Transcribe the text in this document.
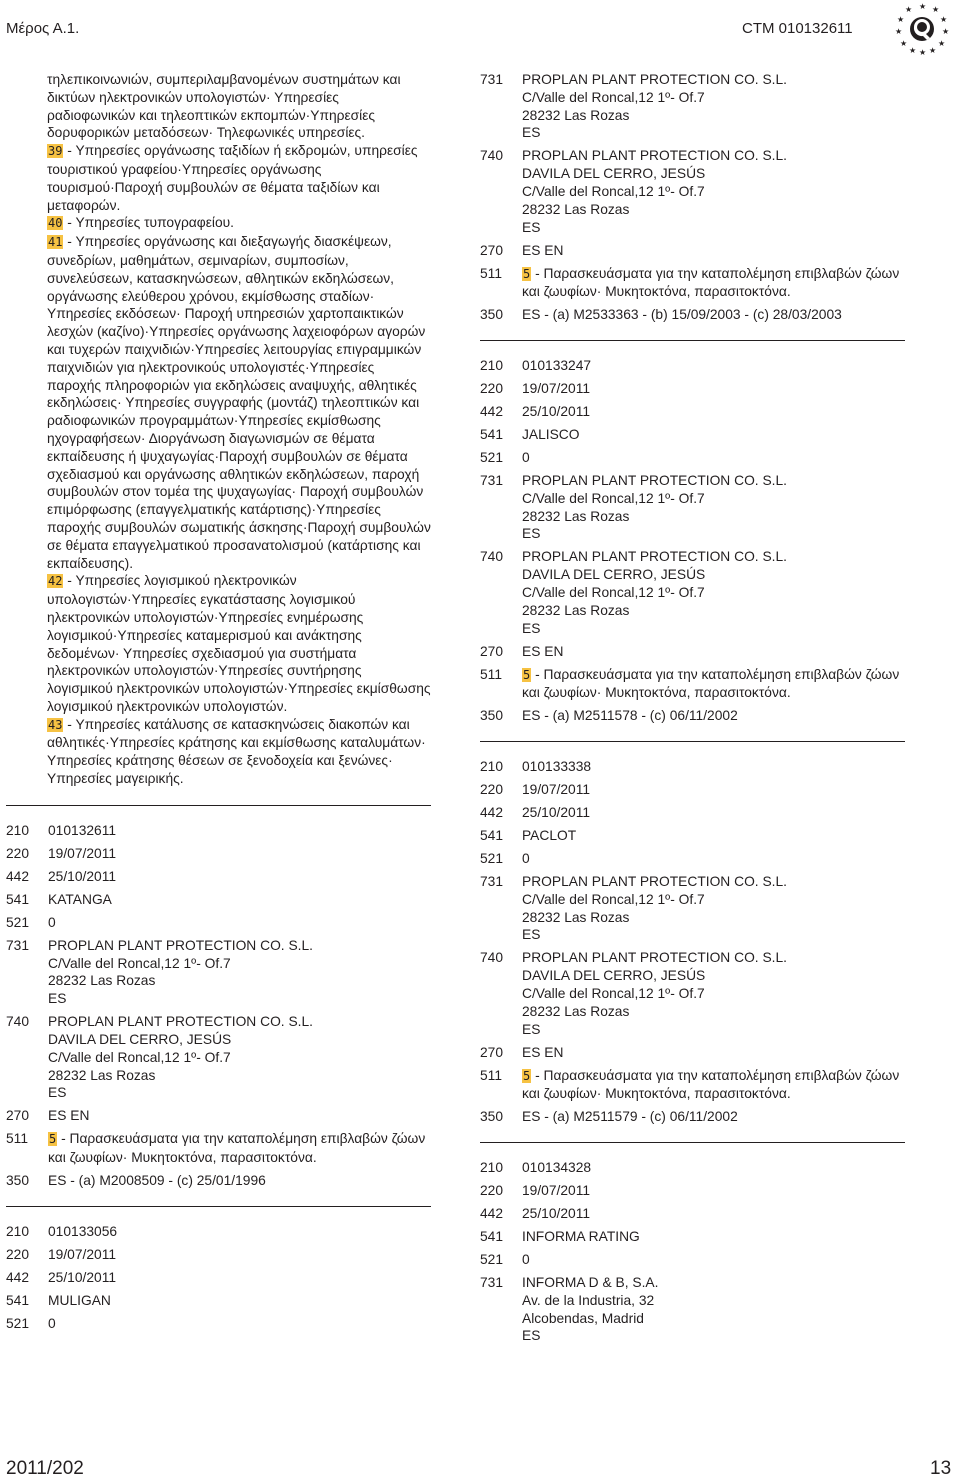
Μέρος Α.1.	CTM 010132611
★ ★
★
★
★
★
★
★
★
★
★
★

τηλεπικοινωνιών, συμπεριλαμβανομένων συστημάτων και δικτύων ηλεκτρονικών υπολογιστών· Υπηρεσίες ραδιοφωνικών και τηλεοπτικών εκπομπών·Υπηρεσίες δορυφορικών μεταδόσεων· Τηλεφωνικές υπηρεσίες.

39 - Υπηρεσίες οργάνωσης ταξιδίων ή εκδρομών, υπηρεσίες τουριστικού γραφείου·Υπηρεσίες οργάνωσης τουρισμού·Παροχή συμβουλών σε θέματα ταξιδίων και μεταφορών.

40 - Υπηρεσίες τυπογραφείου.

41 - Υπηρεσίες οργάνωσης και διεξαγωγής διασκέψεων, συνεδρίων, μαθημάτων, σεμιναρίων, συμποσίων, συνελεύσεων, κατασκηνώσεων, αθλητικών εκδηλώσεων, οργάνωσης ελεύθερου χρόνου, εκμίσθωσης σταδίων· Υπηρεσίες εκδόσεων· Παροχή υπηρεσιών χαρτοπαικτικών λεσχών (καζίνο)·Υπηρεσίες οργάνωσης λαχειοφόρων αγορών και τυχερών παιχνιδιών·Υπηρεσίες λειτουργίας επιγραμμικών παιχνιδιών για ηλεκτρονικούς υπολογιστές·Υπηρεσίες παροχής πληροφοριών για εκδηλώσεις αναψυχής, αθλητικές εκδηλώσεις· Υπηρεσίες συγγραφής (μοντάζ) τηλεοπτικών και ραδιοφωνικών προγραμμάτων·Υπηρεσίες εκμίσθωσης ηχογραφήσεων· Διοργάνωση διαγωνισμών σε θέματα εκπαίδευσης ή ψυχαγωγίας·Παροχή συμβουλών σε θέματα σχεδιασμού και οργάνωσης αθλητικών εκδηλώσεων, παροχή συμβουλών στον τομέα της ψυχαγωγίας· Παροχή συμβουλών επιμόρφωσης (επαγγελματικής κατάρτισης)·Υπηρεσίες παροχής συμβουλών σωματικής άσκησης·Παροχή συμβουλών σε θέματα επαγγελματικού προσανατολισμού (κατάρτισης και εκπαίδευσης).

42 - Υπηρεσίες λογισμικού ηλεκτρονικών υπολογιστών·Υπηρεσίες εγκατάστασης λογισμικού ηλεκτρονικών υπολογιστών·Υπηρεσίες ενημέρωσης λογισμικού·Υπηρεσίες καταμερισμού και ανάκτησης δεδομένων· Υπηρεσίες σχεδιασμού για συστήματα ηλεκτρονικών υπολογιστών·Υπηρεσίες συντήρησης λογισμικού ηλεκτρονικών υπολογιστών·Υπηρεσίες εκμίσθωσης λογισμικού ηλεκτρονικών υπολογιστών.

43 - Υπηρεσίες κατάλυσης σε κατασκηνώσεις διακοπών και αθλητικές·Υπηρεσίες κράτησης και εκμίσθωσης καταλυμάτων· Υπηρεσίες κράτησης θέσεων σε ξενοδοχεία και ξενώνες· Υπηρεσίες μαγειρικής.

210	010132611
220	19/07/2011
442	25/10/2011
541	KATANGA
521	0
731	PROPLAN PLANT PROTECTION CO. S.L.
C/Valle del Roncal,12 1º- Of.7
28232 Las Rozas
ES
740	PROPLAN PLANT PROTECTION CO. S.L.
DAVILA DEL CERRO, JESÚS
C/Valle del Roncal,12 1º- Of.7
28232 Las Rozas
ES
270	ES EN
511	5 - Παρασκευάσματα για την καταπολέμηση επιβλαβών ζώων και ζωυφίων· Μυκητοκτόνα, παρασιτοκτόνα.
350	ES - (a) M2008509 - (c) 25/01/1996
210	010133056
220	19/07/2011
442	25/10/2011
541	MULIGAN
521	0
731	PROPLAN PLANT PROTECTION CO. S.L.
C/Valle del Roncal,12 1º- Of.7
28232 Las Rozas
ES
740	PROPLAN PLANT PROTECTION CO. S.L.
DAVILA DEL CERRO, JESÚS
C/Valle del Roncal,12 1º- Of.7
28232 Las Rozas
ES
270	ES EN
511	5 - Παρασκευάσματα για την καταπολέμηση επιβλαβών ζώων και ζωυφίων· Μυκητοκτόνα, παρασιτοκτόνα.
350	ES - (a) M2533363 - (b) 15/09/2003 - (c) 28/03/2003
210	010133247
220	19/07/2011
442	25/10/2011
541	JALISCO
521	0
731	PROPLAN PLANT PROTECTION CO. S.L.
C/Valle del Roncal,12 1º- Of.7
28232 Las Rozas
ES
740	PROPLAN PLANT PROTECTION CO. S.L.
DAVILA DEL CERRO, JESÚS
C/Valle del Roncal,12 1º- Of.7
28232 Las Rozas
ES
270	ES EN
511	5 - Παρασκευάσματα για την καταπολέμηση επιβλαβών ζώων και ζωυφίων· Μυκητοκτόνα, παρασιτοκτόνα.
350	ES - (a) M2511578 - (c) 06/11/2002
210	010133338
220	19/07/2011
442	25/10/2011
541	PACLOT
521	0
731	PROPLAN PLANT PROTECTION CO. S.L.
C/Valle del Roncal,12 1º- Of.7
28232 Las Rozas
ES
740	PROPLAN PLANT PROTECTION CO. S.L.
DAVILA DEL CERRO, JESÚS
C/Valle del Roncal,12 1º- Of.7
28232 Las Rozas
ES
270	ES EN
511	5 - Παρασκευάσματα για την καταπολέμηση επιβλαβών ζώων και ζωυφίων· Μυκητοκτόνα, παρασιτοκτόνα.
350	ES - (a) M2511579 - (c) 06/11/2002
210	010134328
220	19/07/2011
442	25/10/2011
541	INFORMA RATING
521	0
731	INFORMA D & B, S.A.
Av. de la Industria, 32
Alcobendas, Madrid
ES
2011/202	13
